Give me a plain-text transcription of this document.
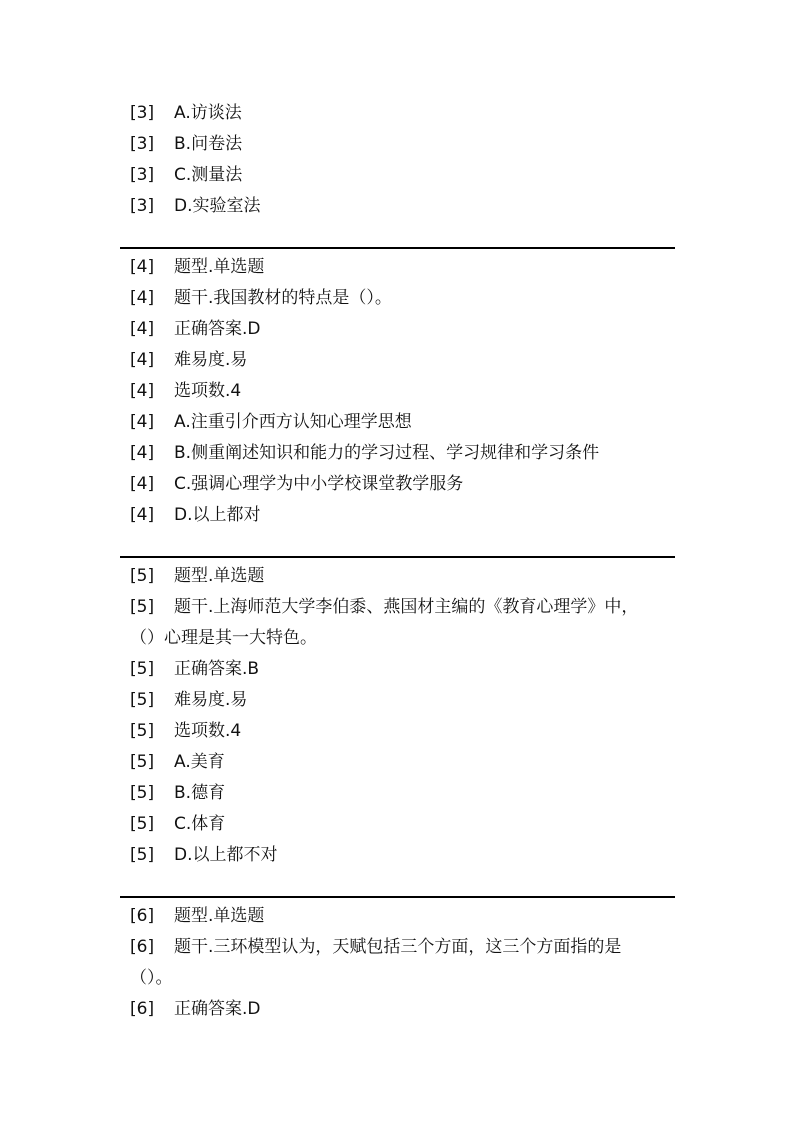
[3] A.访谈法
[3] B.问卷法
[3] C.测量法
[3] D.实验室法
[4] 题型.单选题
[4] 题干.我国教材的特点是（）。
[4] 正确答案.D
[4] 难易度.易
[4] 选项数.4
[4] A.注重引介西方认知心理学思想
[4] B.侧重阐述知识和能力的学习过程、学习规律和学习条件
[4] C.强调心理学为中小学校课堂教学服务
[4] D.以上都对
[5] 题型.单选题
[5] 题干.上海师范大学李伯黍、燕国材主编的《教育心理学》中，
（）心理是其一大特色。
[5] 正确答案.B
[5] 难易度.易
[5] 选项数.4
[5] A.美育
[5] B.德育
[5] C.体育
[5] D.以上都不对
[6] 题型.单选题
[6] 题干.三环模型认为，天赋包括三个方面，这三个方面指的是
（）。
[6] 正确答案.D
